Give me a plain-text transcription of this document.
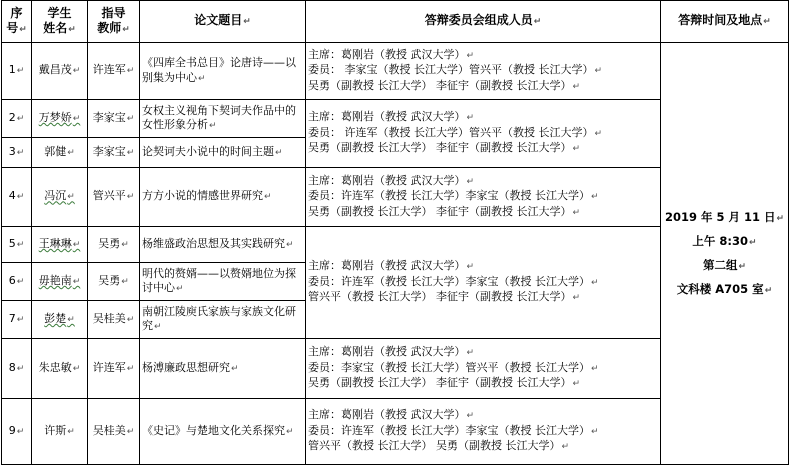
序
号↵	学生
姓名↵	指导
教师↵	论文题目↵	答辩委员会组成人员↵	答辩时间及地点↵
1↵	戴昌茂↵	许连军↵	《四库全书总目》论唐诗——以别集为中心↵	主席：葛刚岩（教授 武汉大学）↵
委员： 李家宝（教授 长江大学）管兴平（教授 长江大学）↵
吴勇（副教授 长江大学） 李征宇（副教授 长江大学）↵	2019 年 5 月 11 日↵
上午 8:30↵
第二组↵
文科楼 A705 室↵

2↵	万梦娇↵	李家宝↵	女权主义视角下契诃夫作品中的女性形象分析↵	主席：葛刚岩（教授 武汉大学）↵
委员： 许连军（教授 长江大学）管兴平（教授 长江大学）↵
吴勇（副教授 长江大学） 李征宇（副教授 长江大学）↵	

3↵	郭健↵	李家宝↵	论契诃夫小说中的时间主题↵		
4↵	冯沉↵	管兴平↵	方方小说的情感世界研究↵	主席：葛刚岩（教授 武汉大学）↵
委员：许连军（教授 长江大学）李家宝（教授 长江大学）↵
吴勇（副教授 长江大学） 李征宇（副教授 长江大学）↵	

5↵	王琳琳↵	吴勇↵	杨维盛政治思想及其实践研究↵	主席：葛刚岩（教授 武汉大学）↵
委员：许连军（教授 长江大学）李家宝（教授 长江大学）↵
管兴平（教授 长江大学） 李征宇（副教授 长江大学）↵	

6↵	毋艳南↵	吴勇↵	明代的赘婿——以赘婿地位为探讨中心↵		
7↵	彭楚↵	吴桂美↵	南朝江陵庾氏家族与家族文化研究↵		
8↵	朱忠敏↵	许连军↵	杨溥廉政思想研究↵	主席：葛刚岩（教授 武汉大学）↵
委员：李家宝（教授 长江大学）管兴平（教授 长江大学）↵
吴勇（副教授 长江大学） 李征宇（副教授 长江大学）↵	

9↵	许斯↵	吴桂美↵	《史记》与楚地文化关系探究↵	主席：葛刚岩（教授 武汉大学）↵
委员：许连军（教授 长江大学）李家宝（教授 长江大学）↵
管兴平（教授 长江大学） 吴勇（副教授 长江大学）↵	
